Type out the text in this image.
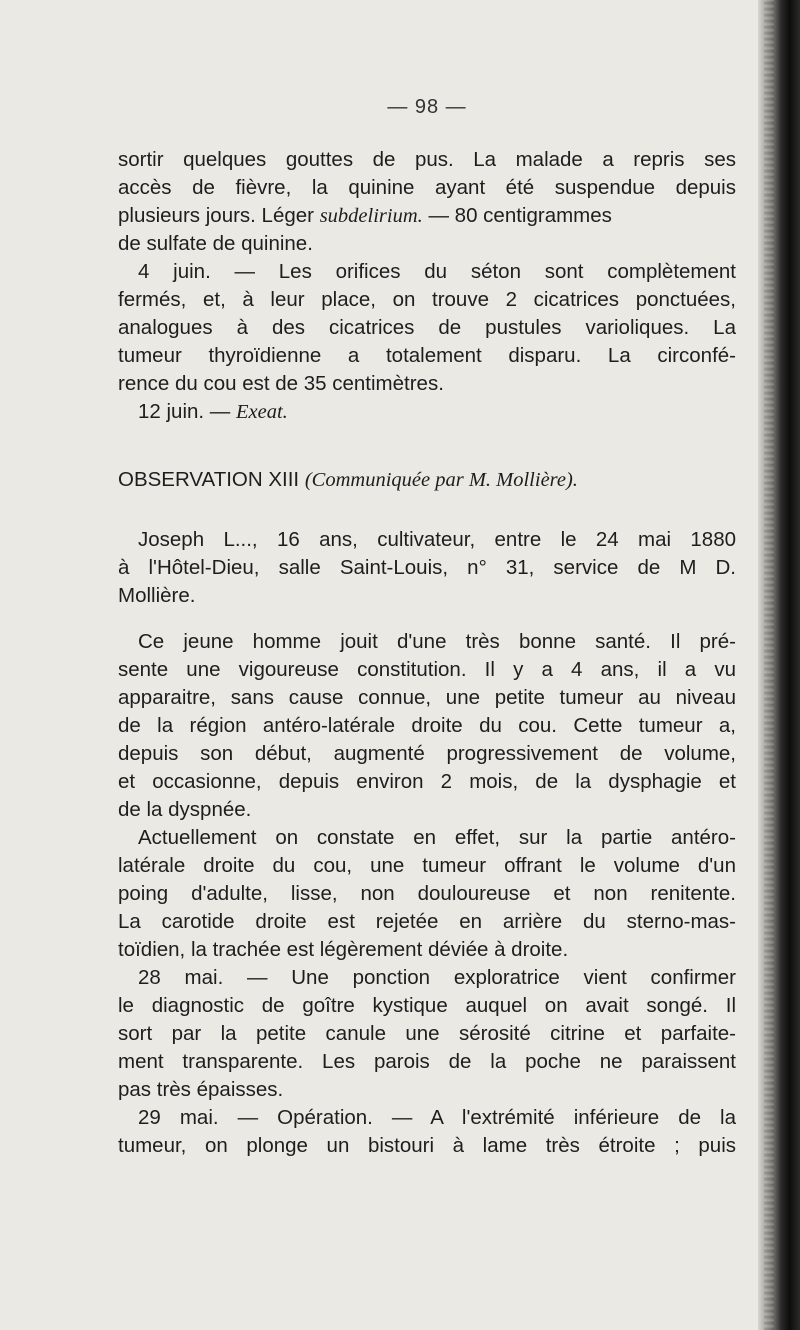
— 98 —
sortir quelques gouttes de pus. La malade a repris ses
accès de fièvre, la quinine ayant été suspendue depuis
plusieurs jours. Léger subdelirium. — 80 centigrammes
de sulfate de quinine.
4 juin. — Les orifices du séton sont complètement
fermés, et, à leur place, on trouve 2 cicatrices ponctuées,
analogues à des cicatrices de pustules varioliques. La
tumeur thyroïdienne a totalement disparu. La circonfé-
rence du cou est de 35 centimètres.
12 juin. — Exeat.
OBSERVATION XIII (Communiquée par M. Mollière).
Joseph L..., 16 ans, cultivateur, entre le 24 mai 1880
à l'Hôtel-Dieu, salle Saint-Louis, n° 31, service de M D.
Mollière.
Ce jeune homme jouit d'une très bonne santé. Il pré-
sente une vigoureuse constitution. Il y a 4 ans, il a vu
apparaitre, sans cause connue, une petite tumeur au niveau
de la région antéro-latérale droite du cou. Cette tumeur a,
depuis son début, augmenté progressivement de volume,
et occasionne, depuis environ 2 mois, de la dysphagie et
de la dyspnée.
Actuellement on constate en effet, sur la partie antéro-
latérale droite du cou, une tumeur offrant le volume d'un
poing d'adulte, lisse, non douloureuse et non renitente.
La carotide droite est rejetée en arrière du sterno-mas-
toïdien, la trachée est légèrement déviée à droite.
28 mai. — Une ponction exploratrice vient confirmer
le diagnostic de goître kystique auquel on avait songé. Il
sort par la petite canule une sérosité citrine et parfaite-
ment transparente. Les parois de la poche ne paraissent
pas très épaisses.
29 mai. — Opération. — A l'extrémité inférieure de la
tumeur, on plonge un bistouri à lame très étroite ; puis
